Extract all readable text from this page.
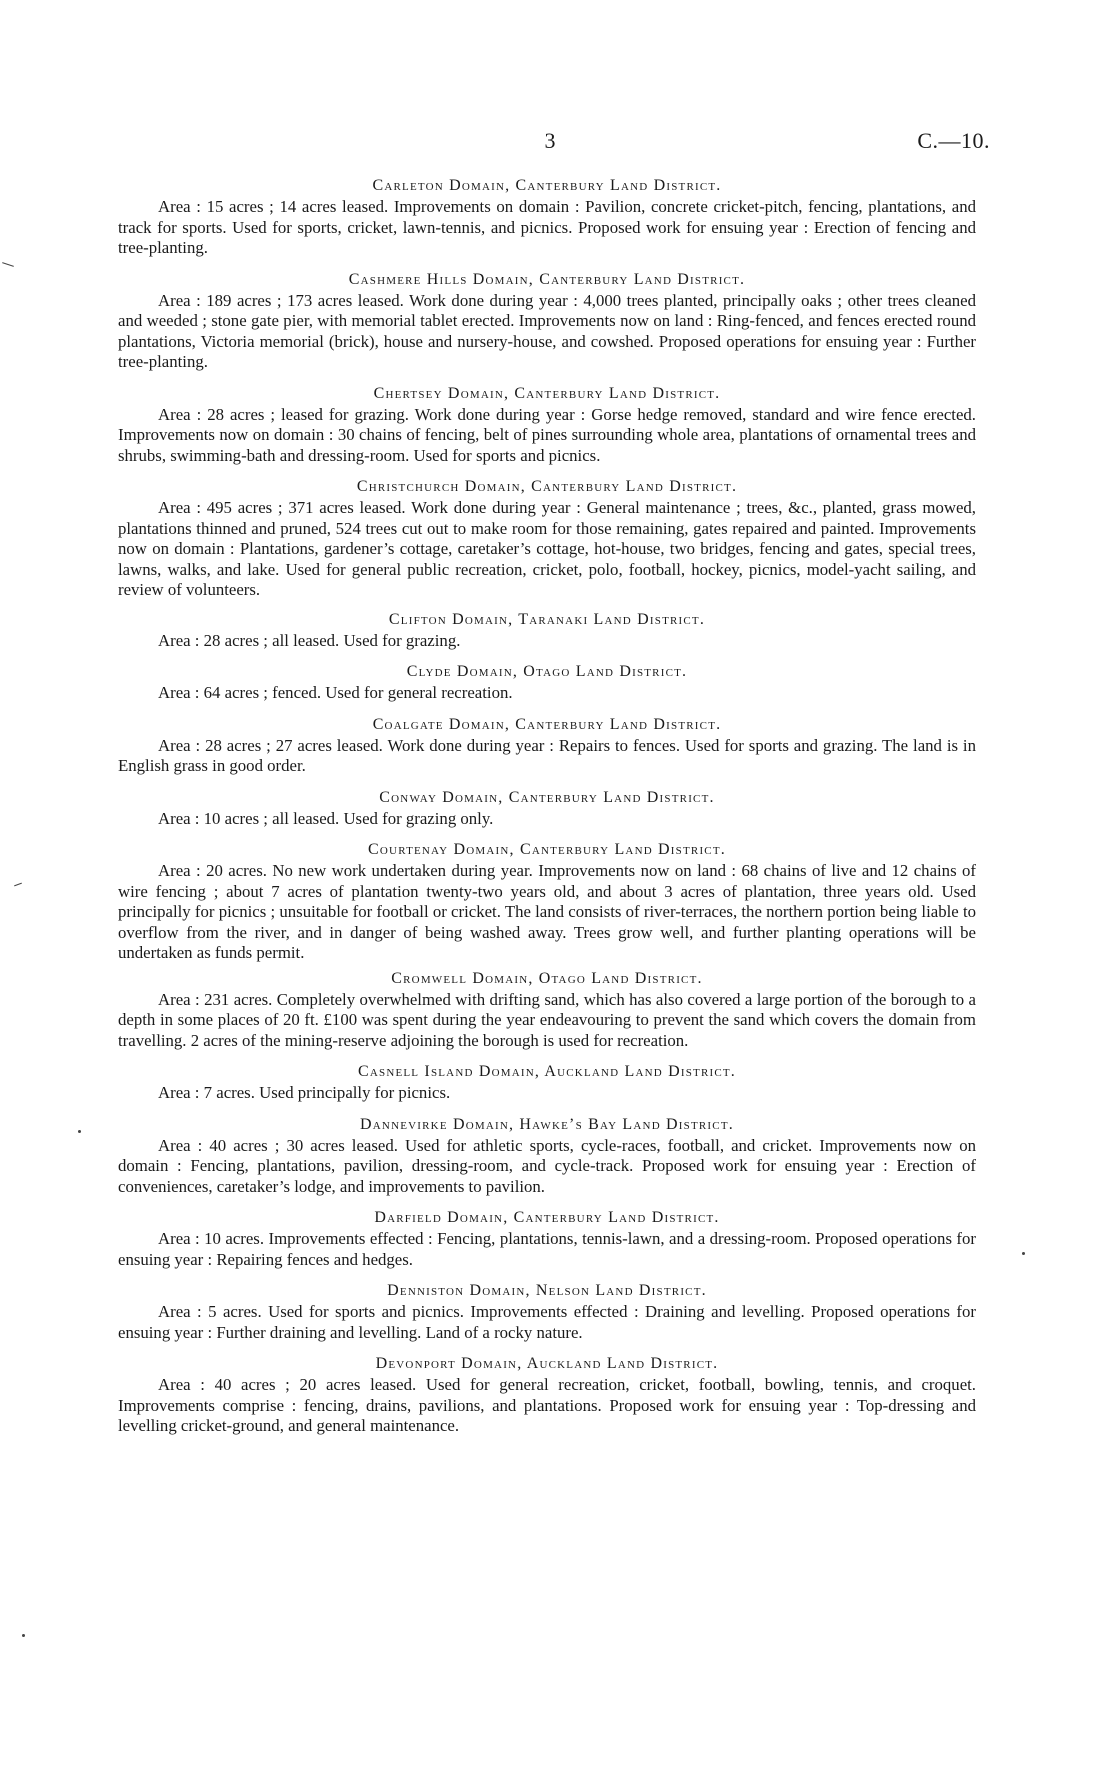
3	C.—10.
Carleton Domain, Canterbury Land District.

Area : 15 acres ; 14 acres leased. Improvements on domain : Pavilion, concrete cricket-pitch, fencing, plantations, and track for sports. Used for sports, cricket, lawn-tennis, and picnics. Proposed work for ensuing year : Erection of fencing and tree-planting.

Cashmere Hills Domain, Canterbury Land District.

Area : 189 acres ; 173 acres leased. Work done during year : 4,000 trees planted, principally oaks ; other trees cleaned and weeded ; stone gate pier, with memorial tablet erected. Improvements now on land : Ring-fenced, and fences erected round plantations, Victoria memorial (brick), house and nursery-house, and cowshed. Proposed operations for ensuing year : Further tree-planting.

Chertsey Domain, Canterbury Land District.

Area : 28 acres ; leased for grazing. Work done during year : Gorse hedge removed, standard and wire fence erected. Improvements now on domain : 30 chains of fencing, belt of pines surrounding whole area, plantations of ornamental trees and shrubs, swimming-bath and dressing-room. Used for sports and picnics.

Christchurch Domain, Canterbury Land District.

Area : 495 acres ; 371 acres leased. Work done during year : General maintenance ; trees, &c., planted, grass mowed, plantations thinned and pruned, 524 trees cut out to make room for those remaining, gates repaired and painted. Improvements now on domain : Plantations, gardener’s cottage, caretaker’s cottage, hot-house, two bridges, fencing and gates, special trees, lawns, walks, and lake. Used for general public recreation, cricket, polo, football, hockey, picnics, model-yacht sailing, and review of volunteers.

Clifton Domain, Taranaki Land District.

Area : 28 acres ; all leased. Used for grazing.

Clyde Domain, Otago Land District.

Area : 64 acres ; fenced. Used for general recreation.

Coalgate Domain, Canterbury Land District.

Area : 28 acres ; 27 acres leased. Work done during year : Repairs to fences. Used for sports and grazing. The land is in English grass in good order.

Conway Domain, Canterbury Land District.

Area : 10 acres ; all leased. Used for grazing only.

Courtenay Domain, Canterbury Land District.

Area : 20 acres. No new work undertaken during year. Improvements now on land : 68 chains of live and 12 chains of wire fencing ; about 7 acres of plantation twenty-two years old, and about 3 acres of plantation, three years old. Used principally for picnics ; unsuitable for football or cricket. The land consists of river-terraces, the northern portion being liable to overflow from the river, and in danger of being washed away. Trees grow well, and further planting operations will be undertaken as funds permit.

Cromwell Domain, Otago Land District.

Area : 231 acres. Completely overwhelmed with drifting sand, which has also covered a large portion of the borough to a depth in some places of 20 ft. £100 was spent during the year endeavouring to prevent the sand which covers the domain from travelling. 2 acres of the mining-reserve adjoining the borough is used for recreation.

Casnell Island Domain, Auckland Land District.

Area : 7 acres. Used principally for picnics.

Dannevirke Domain, Hawke’s Bay Land District.

Area : 40 acres ; 30 acres leased. Used for athletic sports, cycle-races, football, and cricket. Improvements now on domain : Fencing, plantations, pavilion, dressing-room, and cycle-track. Proposed work for ensuing year : Erection of conveniences, caretaker’s lodge, and improvements to pavilion.

Darfield Domain, Canterbury Land District.

Area : 10 acres. Improvements effected : Fencing, plantations, tennis-lawn, and a dressing-room. Proposed operations for ensuing year : Repairing fences and hedges.

Denniston Domain, Nelson Land District.

Area : 5 acres. Used for sports and picnics. Improvements effected : Draining and levelling. Proposed operations for ensuing year : Further draining and levelling. Land of a rocky nature.

Devonport Domain, Auckland Land District.

Area : 40 acres ; 20 acres leased. Used for general recreation, cricket, football, bowling, tennis, and croquet. Improvements comprise : fencing, drains, pavilions, and plantations. Proposed work for ensuing year : Top-dressing and levelling cricket-ground, and general maintenance.
